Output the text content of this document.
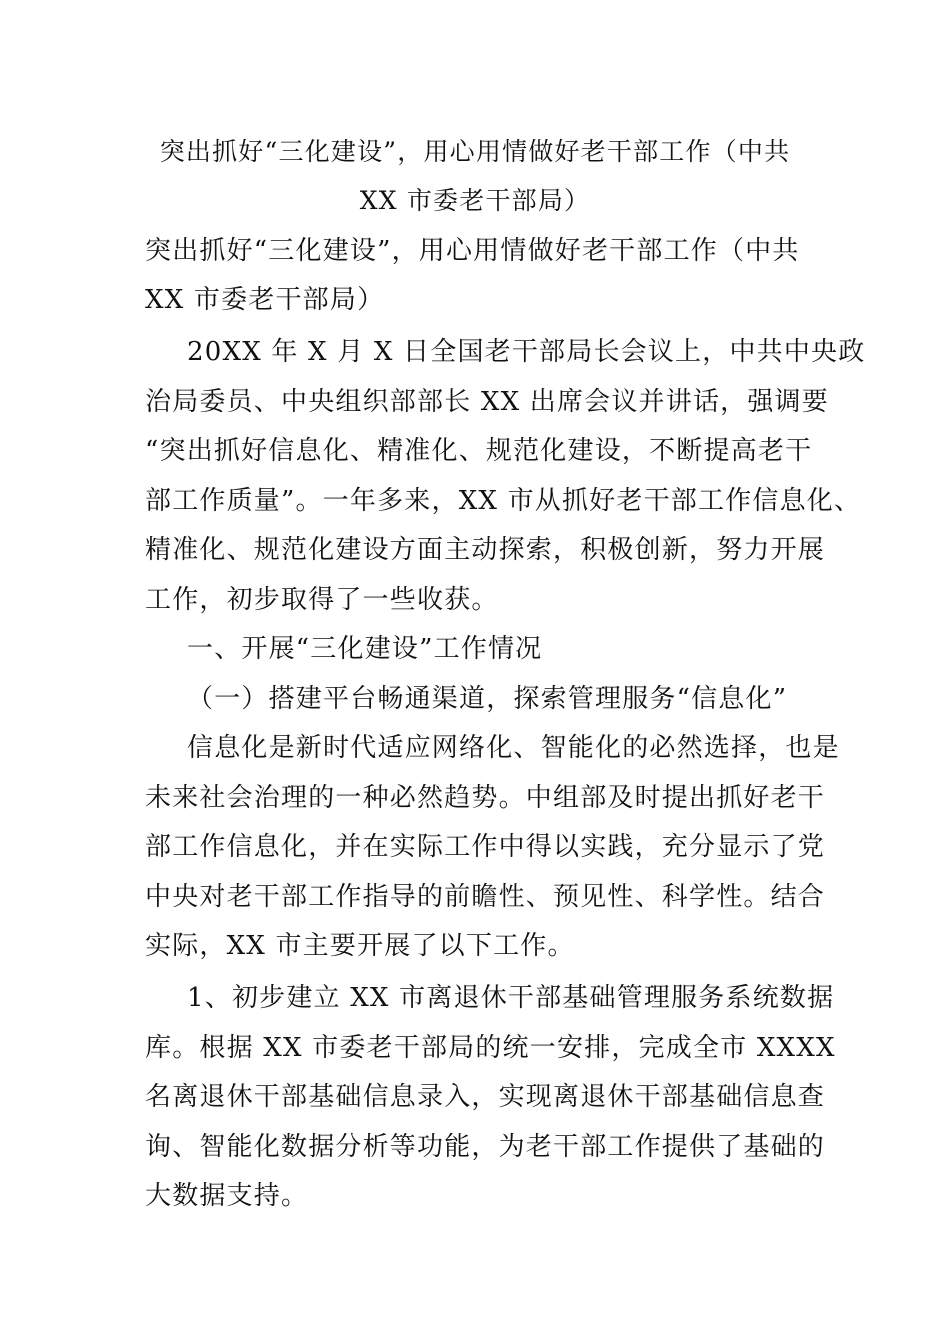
突出抓好“三化建设”，用心用情做好老干部工作（中共
XX 市委老干部局）
突出抓好“三化建设”，用心用情做好老干部工作（中共
XX 市委老干部局）
20XX 年 X 月 X 日全国老干部局长会议上，中共中央政
治局委员、中央组织部部长 XX 出席会议并讲话，强调要
“突出抓好信息化、精准化、规范化建设，不断提高老干
部工作质量”。一年多来，XX 市从抓好老干部工作信息化、
精准化、规范化建设方面主动探索，积极创新，努力开展
工作，初步取得了一些收获。
一、开展“三化建设”工作情况
（一）搭建平台畅通渠道，探索管理服务“信息化”
信息化是新时代适应网络化、智能化的必然选择，也是
未来社会治理的一种必然趋势。中组部及时提出抓好老干
部工作信息化，并在实际工作中得以实践，充分显示了党
中央对老干部工作指导的前瞻性、预见性、科学性。结合
实际，XX 市主要开展了以下工作。
1、初步建立 XX 市离退休干部基础管理服务系统数据
库。根据 XX 市委老干部局的统一安排，完成全市 XXXX
名离退休干部基础信息录入，实现离退休干部基础信息查
询、智能化数据分析等功能，为老干部工作提供了基础的
大数据支持。
